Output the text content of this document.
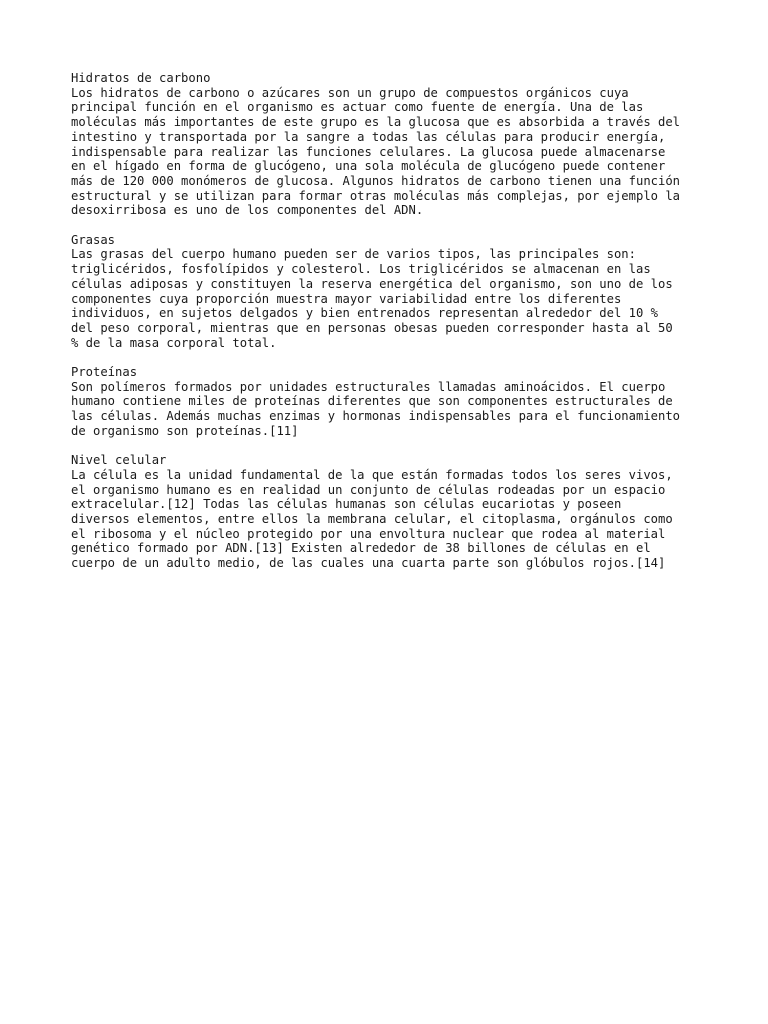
Hidratos de carbono
Los hidratos de carbono o azúcares son un grupo de compuestos orgánicos cuya
principal función en el organismo es actuar como fuente de energía. Una de las
moléculas más importantes de este grupo es la glucosa que es absorbida a través del
intestino y transportada por la sangre a todas las células para producir energía,
indispensable para realizar las funciones celulares. La glucosa puede almacenarse
en el hígado en forma de glucógeno, una sola molécula de glucógeno puede contener
más de 120 000 monómeros de glucosa. Algunos hidratos de carbono tienen una función
estructural y se utilizan para formar otras moléculas más complejas, por ejemplo la
desoxirribosa es uno de los componentes del ADN.
Grasas
Las grasas del cuerpo humano pueden ser de varios tipos, las principales son:
triglicéridos, fosfolípidos y colesterol. Los triglicéridos se almacenan en las
células adiposas y constituyen la reserva energética del organismo, son uno de los
componentes cuya proporción muestra mayor variabilidad entre los diferentes
individuos, en sujetos delgados y bien entrenados representan alrededor del 10 %
del peso corporal, mientras que en personas obesas pueden corresponder hasta al 50
% de la masa corporal total.
Proteínas
Son polímeros formados por unidades estructurales llamadas aminoácidos. El cuerpo
humano contiene miles de proteínas diferentes que son componentes estructurales de
las células. Además muchas enzimas y hormonas indispensables para el funcionamiento
de organismo son proteínas.[11]
Nivel celular
La célula es la unidad fundamental de la que están formadas todos los seres vivos,
el organismo humano es en realidad un conjunto de células rodeadas por un espacio
extracelular.[12] Todas las células humanas son células eucariotas y poseen
diversos elementos, entre ellos la membrana celular, el citoplasma, orgánulos como
el ribosoma y el núcleo protegido por una envoltura nuclear que rodea al material
genético formado por ADN.[13] Existen alrededor de 38 billones de células en el
cuerpo de un adulto medio, de las cuales una cuarta parte son glóbulos rojos.[14]
